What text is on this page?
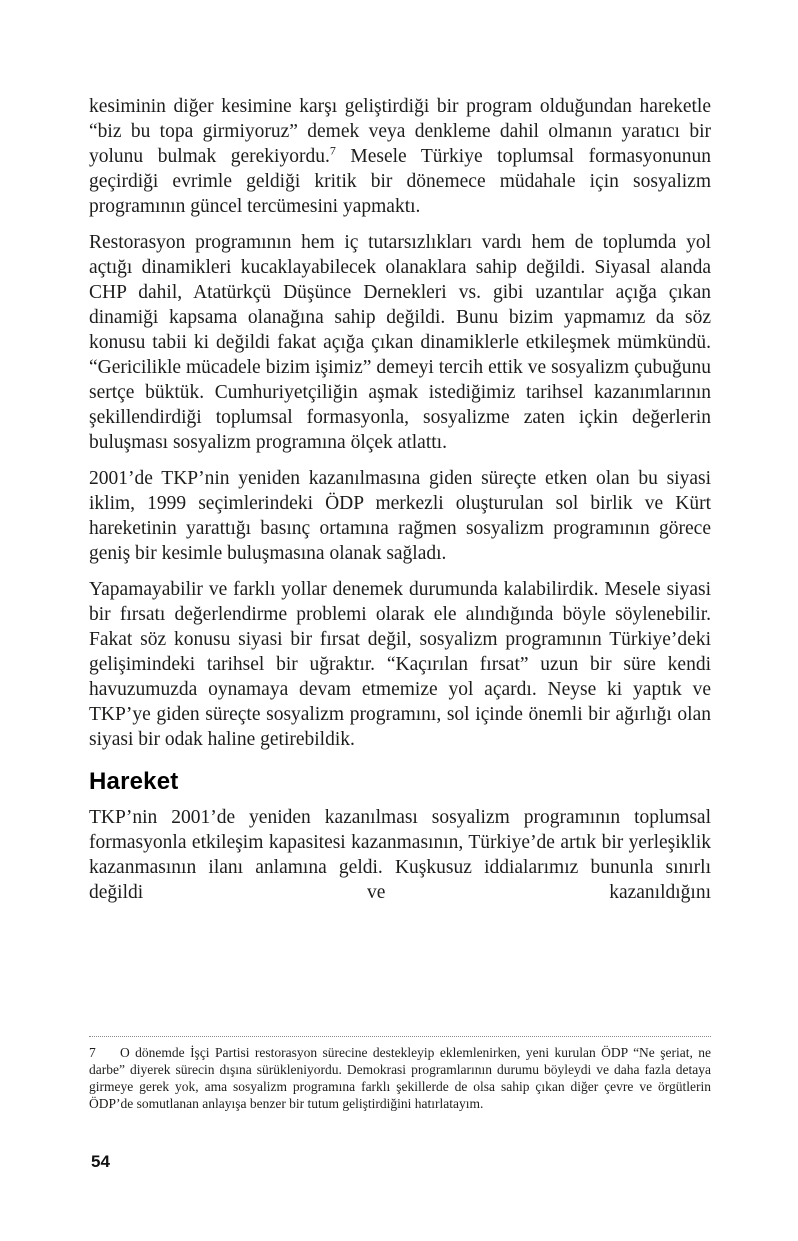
kesiminin diğer kesimine karşı geliştirdiği bir program olduğundan hareketle “biz bu topa girmiyoruz” demek veya denkleme dahil olmanın yaratıcı bir yolunu bulmak gerekiyordu.$^7$ Mesele Türkiye toplumsal formasyonunun geçirdiği evrimle geldiği kritik bir dönemece müdahale için sosyalizm programının güncel tercümesini yapmaktı.

Restorasyon programının hem iç tutarsızlıkları vardı hem de toplumda yol açtığı dinamikleri kucaklayabilecek olanaklara sahip değildi. Siyasal alanda CHP dahil, Atatürkçü Düşünce Dernekleri vs. gibi uzantılar açığa çıkan dinamiği kapsama olanağına sahip değildi. Bunu bizim yapmamız da söz konusu tabii ki değildi fakat açığa çıkan dinamiklerle etkileşmek mümkündü. “Gericilikle mücadele bizim işimiz” demeyi tercih ettik ve sosyalizm çubuğunu sertçe büktük. Cumhuriyetçiliğin aşmak istediğimiz tarihsel kazanımlarının şekillendirdiği toplumsal formasyonla, sosyalizme zaten içkin değerlerin buluşması sosyalizm programına ölçek atlattı.

2001’de TKP’nin yeniden kazanılmasına giden süreçte etken olan bu siyasi iklim, 1999 seçimlerindeki ÖDP merkezli oluşturulan sol birlik ve Kürt hareketinin yarattığı basınç ortamına rağmen sosyalizm programının görece geniş bir kesimle buluşmasına olanak sağladı.

Yapamayabilir ve farklı yollar denemek durumunda kalabilirdik. Mesele siyasi bir fırsatı değerlendirme problemi olarak ele alındığında böyle söylenebilir. Fakat söz konusu siyasi bir fırsat değil, sosyalizm programının Türkiye’deki gelişimindeki tarihsel bir uğraktır. “Kaçırılan fırsat” uzun bir süre kendi havuzumuzda oynamaya devam etmemize yol açardı. Neyse ki yaptık ve TKP’ye giden süreçte sosyalizm programını, sol içinde önemli bir ağırlığı olan siyasi bir odak haline getirebildik.

Hareket

TKP’nin 2001’de yeniden kazanılması sosyalizm programının toplumsal formasyonla etkileşim kapasitesi kazanmasının, Türkiye’de artık bir yerleşiklik kazanmasının ilanı anlamına geldi. Kuşkusuz iddialarımız bununla sınırlı değildi ve kazanıldığını

7 O dönemde İşçi Partisi restorasyon sürecine destekleyip eklemlenirken, yeni kurulan ÖDP “Ne şeriat, ne darbe” diyerek sürecin dışına sürükleniyordu. Demokrasi programlarının durumu böyleydi ve daha fazla detaya girmeye gerek yok, ama sosyalizm programına farklı şekillerde de olsa sahip çıkan diğer çevre ve örgütlerin ÖDP’de somutlanan anlayışa benzer bir tutum geliştirdiğini hatırlatayım.

54
